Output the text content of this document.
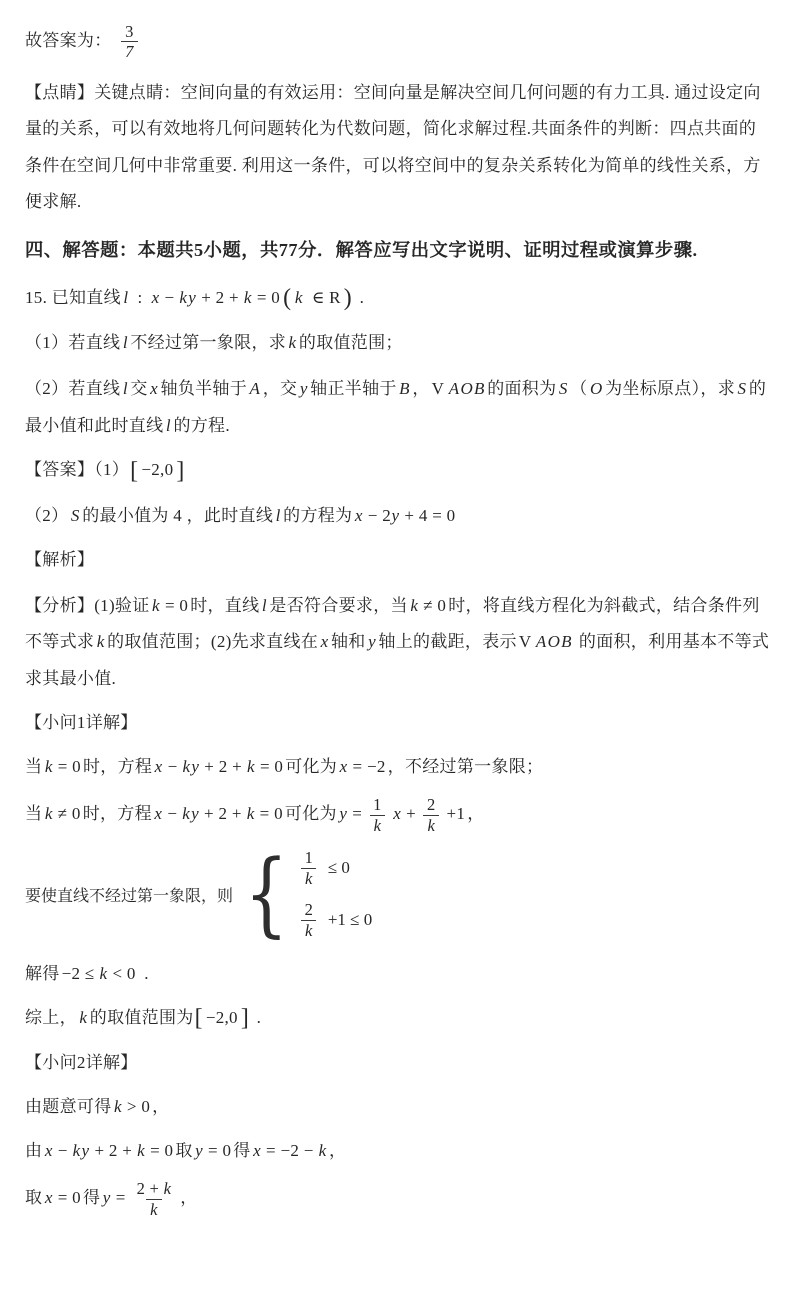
故答案为： $\frac{3}{7}$

【点睛】关键点睛：空间向量的有效运用：空间向量是解决空间几何问题的有力工具. 通过设定向量的关系，可以有效地将几何问题转化为代数问题，简化求解过程.共面条件的判断：四点共面的条件在空间几何中非常重要. 利用这一条件，可以将空间中的复杂关系转化为简单的线性关系，方便求解.

四、解答题：本题共5小题，共77分．解答应写出文字说明、证明过程或演算步骤.

15. 已知直线 l : x − ky + 2 + k = 0 ( k ∈ R ) .

（1）若直线 l 不经过第一象限，求 k 的取值范围；

（2）若直线 l 交 x 轴负半轴于 A ，交 y 轴正半轴于 B ， V AOB 的面积为 S （ O 为坐标原点），求 S 的最小值和此时直线 l 的方程.

【答案】（1）[ −2,0 ]

（2） S 的最小值为 4 ，此时直线 l 的方程为 x − 2y + 4 = 0

【解析】

【分析】(1)验证 k = 0 时，直线 l 是否符合要求，当 k ≠ 0 时，将直线方程化为斜截式，结合条件列不等式求 k 的取值范围；(2)先求直线在 x 轴和 y 轴上的截距，表示 V AOB 的面积，利用基本不等式求其最小值.

【小问1详解】

当 k = 0 时，方程 x − ky + 2 + k = 0 可化为 x = −2 ，不经过第一象限；

当 k ≠ 0 时，方程 x − ky + 2 + k = 0 可化为 $y = \frac{1}{k}$ $x + \frac{2}{k} +1$ ，

要使直线不经过第一象限，则 { $\frac{1}{k} \le 0$
$\frac{2}{k} +1 \le 0$

解得 −2 ≤ k < 0 .

综上， k 的取值范围为[ −2,0 ] .

【小问2详解】

由题意可得 k > 0 ，

由 x − ky + 2 + k = 0 取 y = 0 得 x = −2 − k ，

取 x = 0 得 $y = \frac{2 + k}{k}$ ，
